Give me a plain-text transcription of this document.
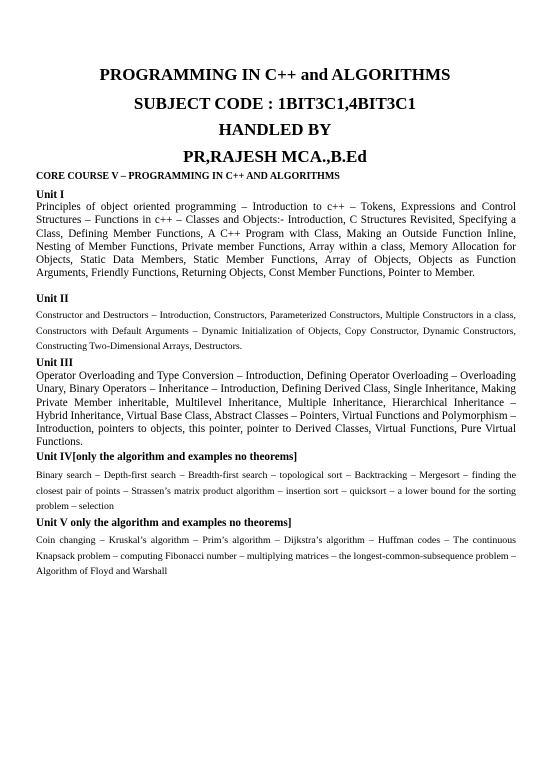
PROGRAMMING IN C++ and ALGORITHMS
SUBJECT CODE : 1BIT3C1,4BIT3C1
HANDLED BY
PR,RAJESH MCA.,B.Ed
CORE COURSE V – PROGRAMMING IN C++ AND ALGORITHMS
Unit I

Principles of object oriented programming – Introduction to c++ – Tokens, Expressions and Control Structures – Functions in c++ – Classes and Objects:- Introduction, C Structures Revisited, Specifying a Class, Defining Member Functions, A C++ Program with Class, Making an Outside Function Inline, Nesting of Member Functions, Private member Functions, Array within a class, Memory Allocation for Objects, Static Data Members, Static Member Functions, Array of Objects, Objects as Function Arguments, Friendly Functions, Returning Objects, Const Member Functions, Pointer to Member.

Unit II

Constructor and Destructors – Introduction, Constructors, Parameterized Constructors, Multiple Constructors in a class, Constructors with Default Arguments – Dynamic Initialization of Objects, Copy Constructor, Dynamic Constructors, Constructing Two-Dimensional Arrays, Destructors.

Unit III

Operator Overloading and Type Conversion – Introduction, Defining Operator Overloading – Overloading Unary, Binary Operators – Inheritance – Introduction, Defining Derived Class, Single Inheritance, Making Private Member inheritable, Multilevel Inheritance, Multiple Inheritance, Hierarchical Inheritance – Hybrid Inheritance, Virtual Base Class, Abstract Classes – Pointers, Virtual Functions and Polymorphism – Introduction, pointers to objects, this pointer, pointer to Derived Classes, Virtual Functions, Pure Virtual Functions.

Unit IV[only the algorithm and examples no theorems]

Binary search – Depth-first search – Breadth-first search – topological sort – Backtracking – Mergesort – finding the closest pair of points – Strassen’s matrix product algorithm – insertion sort – quicksort – a lower bound for the sorting problem – selection

Unit V only the algorithm and examples no theorems]

Coin changing – Kruskal’s algorithm – Prim’s algorithm – Dijkstra’s algorithm – Huffman codes – The continuous Knapsack problem – computing Fibonacci number – multiplying matrices – the longest-common-subsequence problem – Algorithm of Floyd and Warshall
